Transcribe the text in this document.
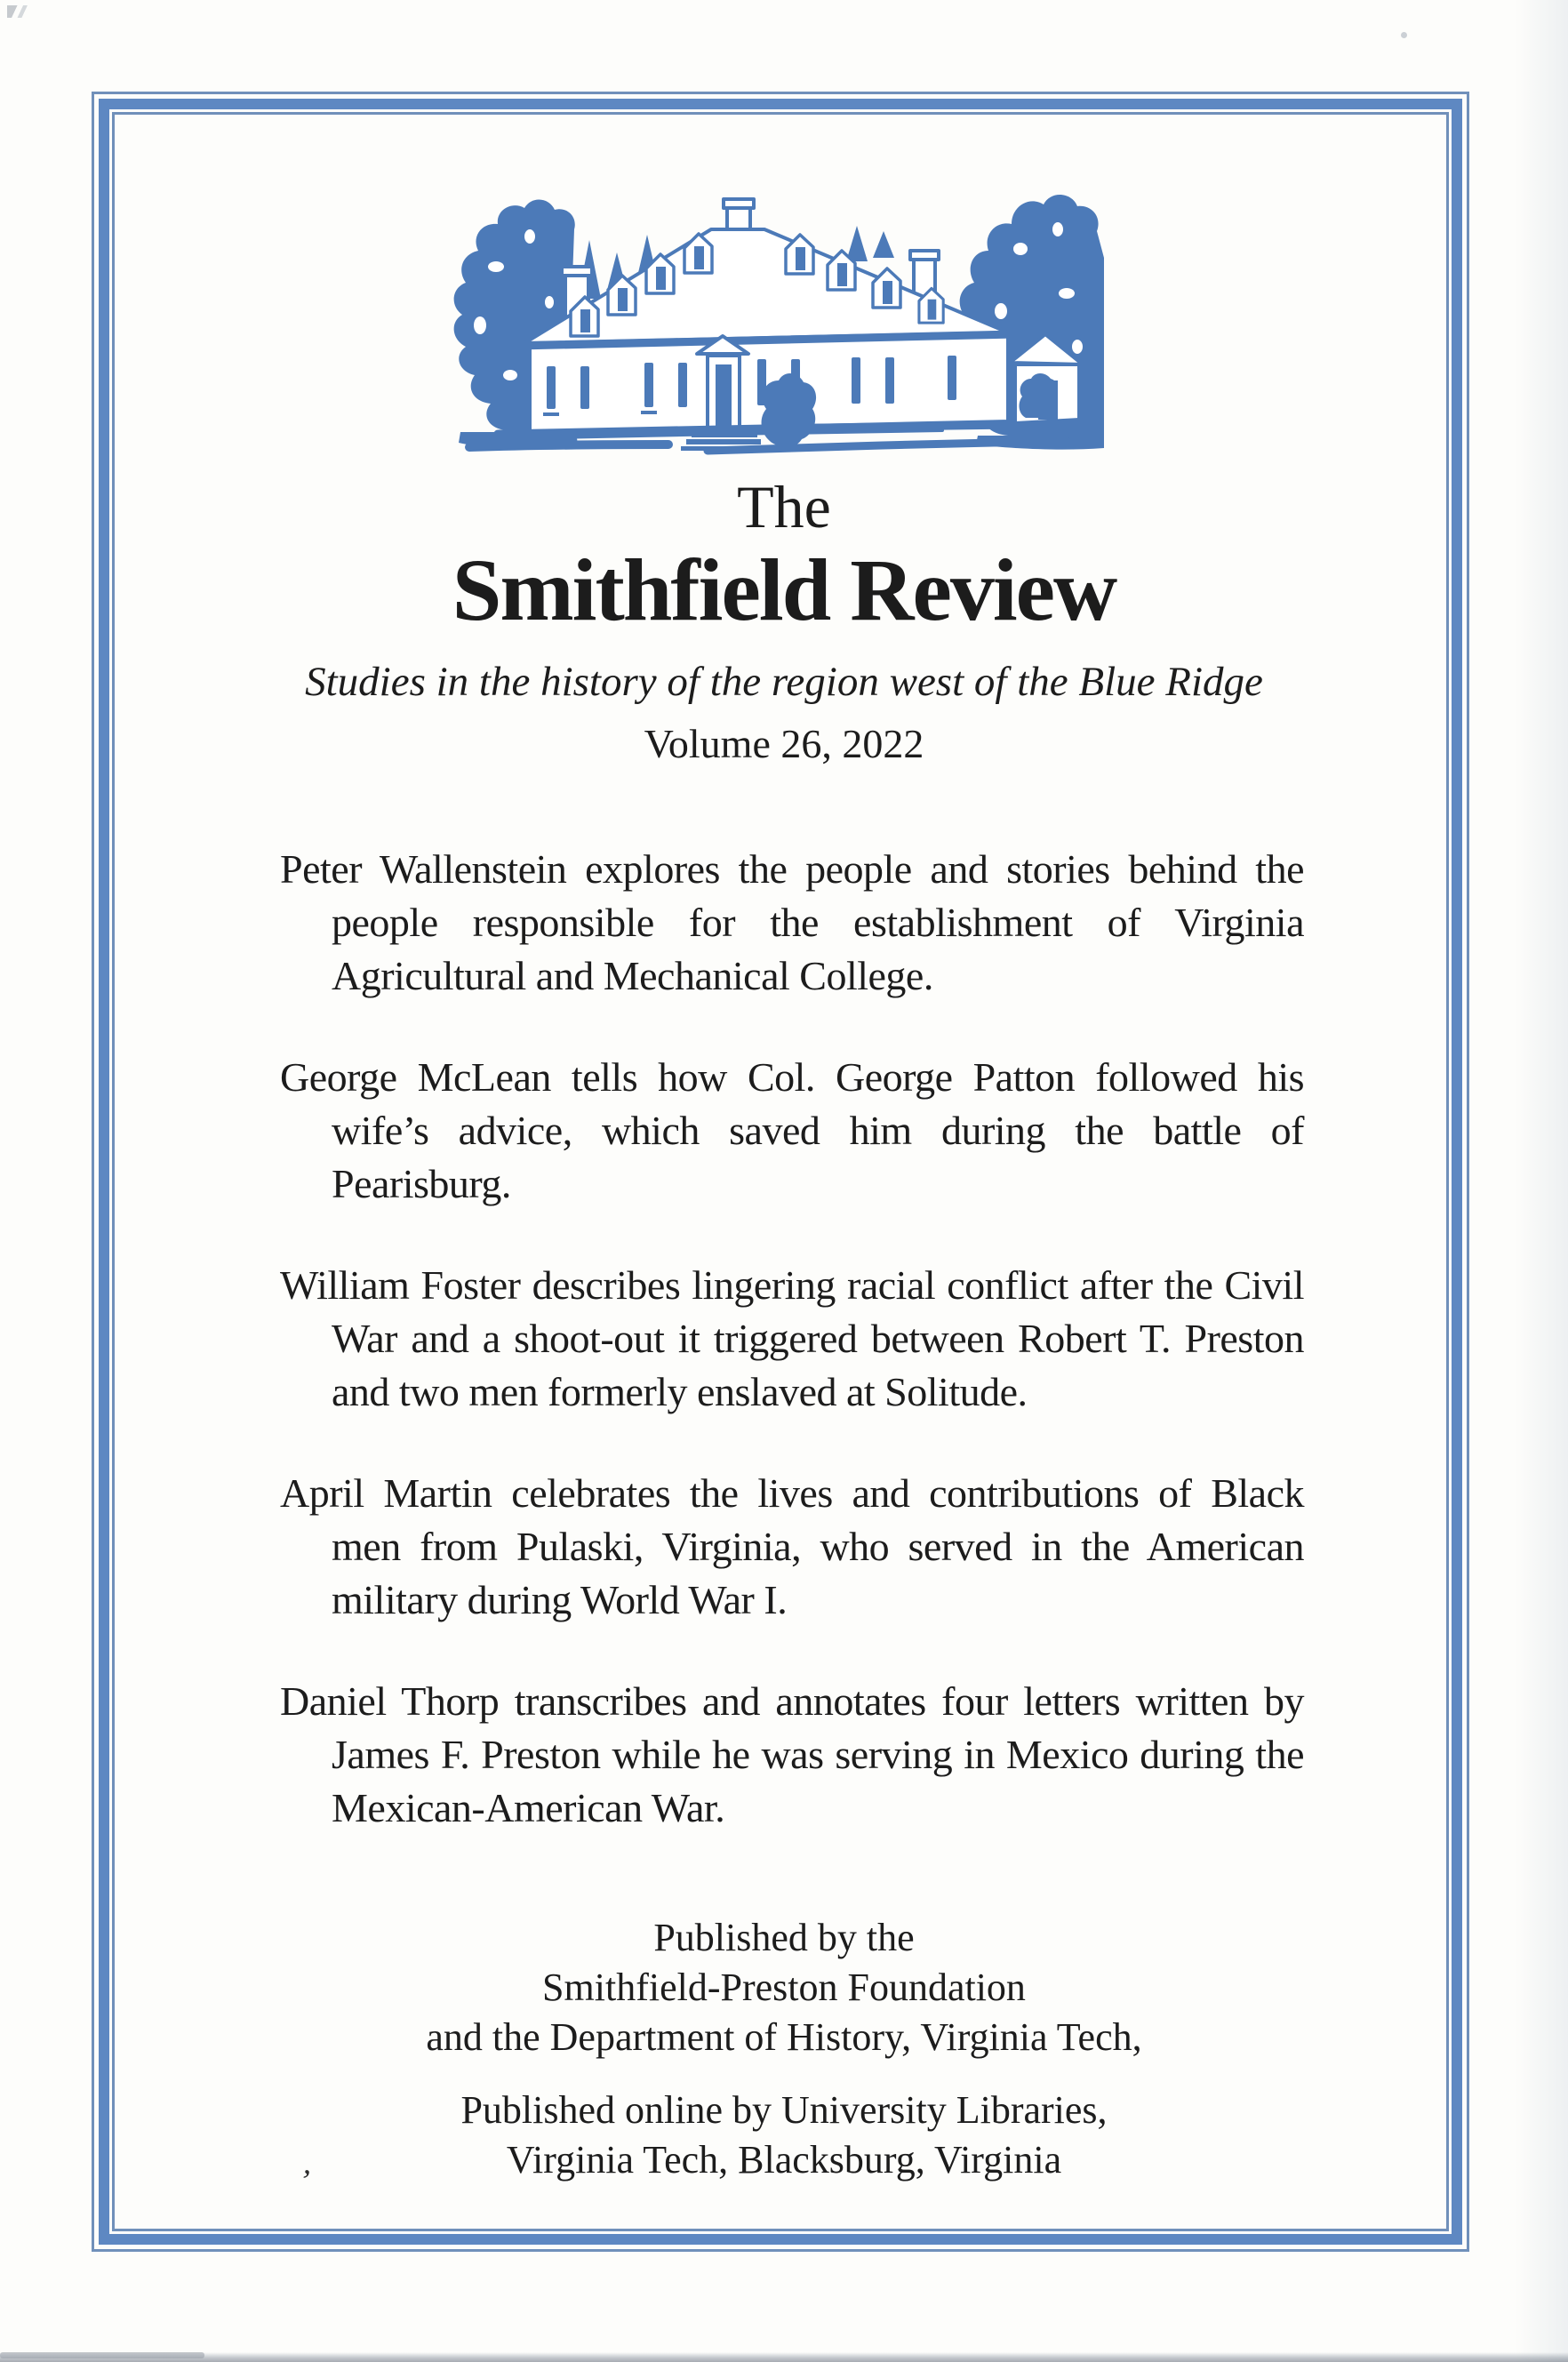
The
Smithfield Review
Studies in the history of the region west of the Blue Ridge
Volume 26, 2022

Peter Wallenstein explores the people and stories behind the people responsible for the establishment of Virginia Agricultural and Mechanical College.

George McLean tells how Col. George Patton followed his wife’s advice, which saved him during the battle of Pearisburg.

William Foster describes lingering racial conflict after the Civil War and a shoot-out it triggered between Robert T. Preston and two men formerly enslaved at Solitude.

April Martin celebrates the lives and contributions of Black men from Pulaski, Virginia, who served in the American military during World War I.

Daniel Thorp transcribes and annotates four letters written by James F. Preston while he was serving in Mexico during the Mexican-American War.

Published by the
Smithfield-Preston Foundation
and the Department of History, Virginia Tech,
Published online by University Libraries,
Virginia Tech, Blacksburg, Virginia
’
